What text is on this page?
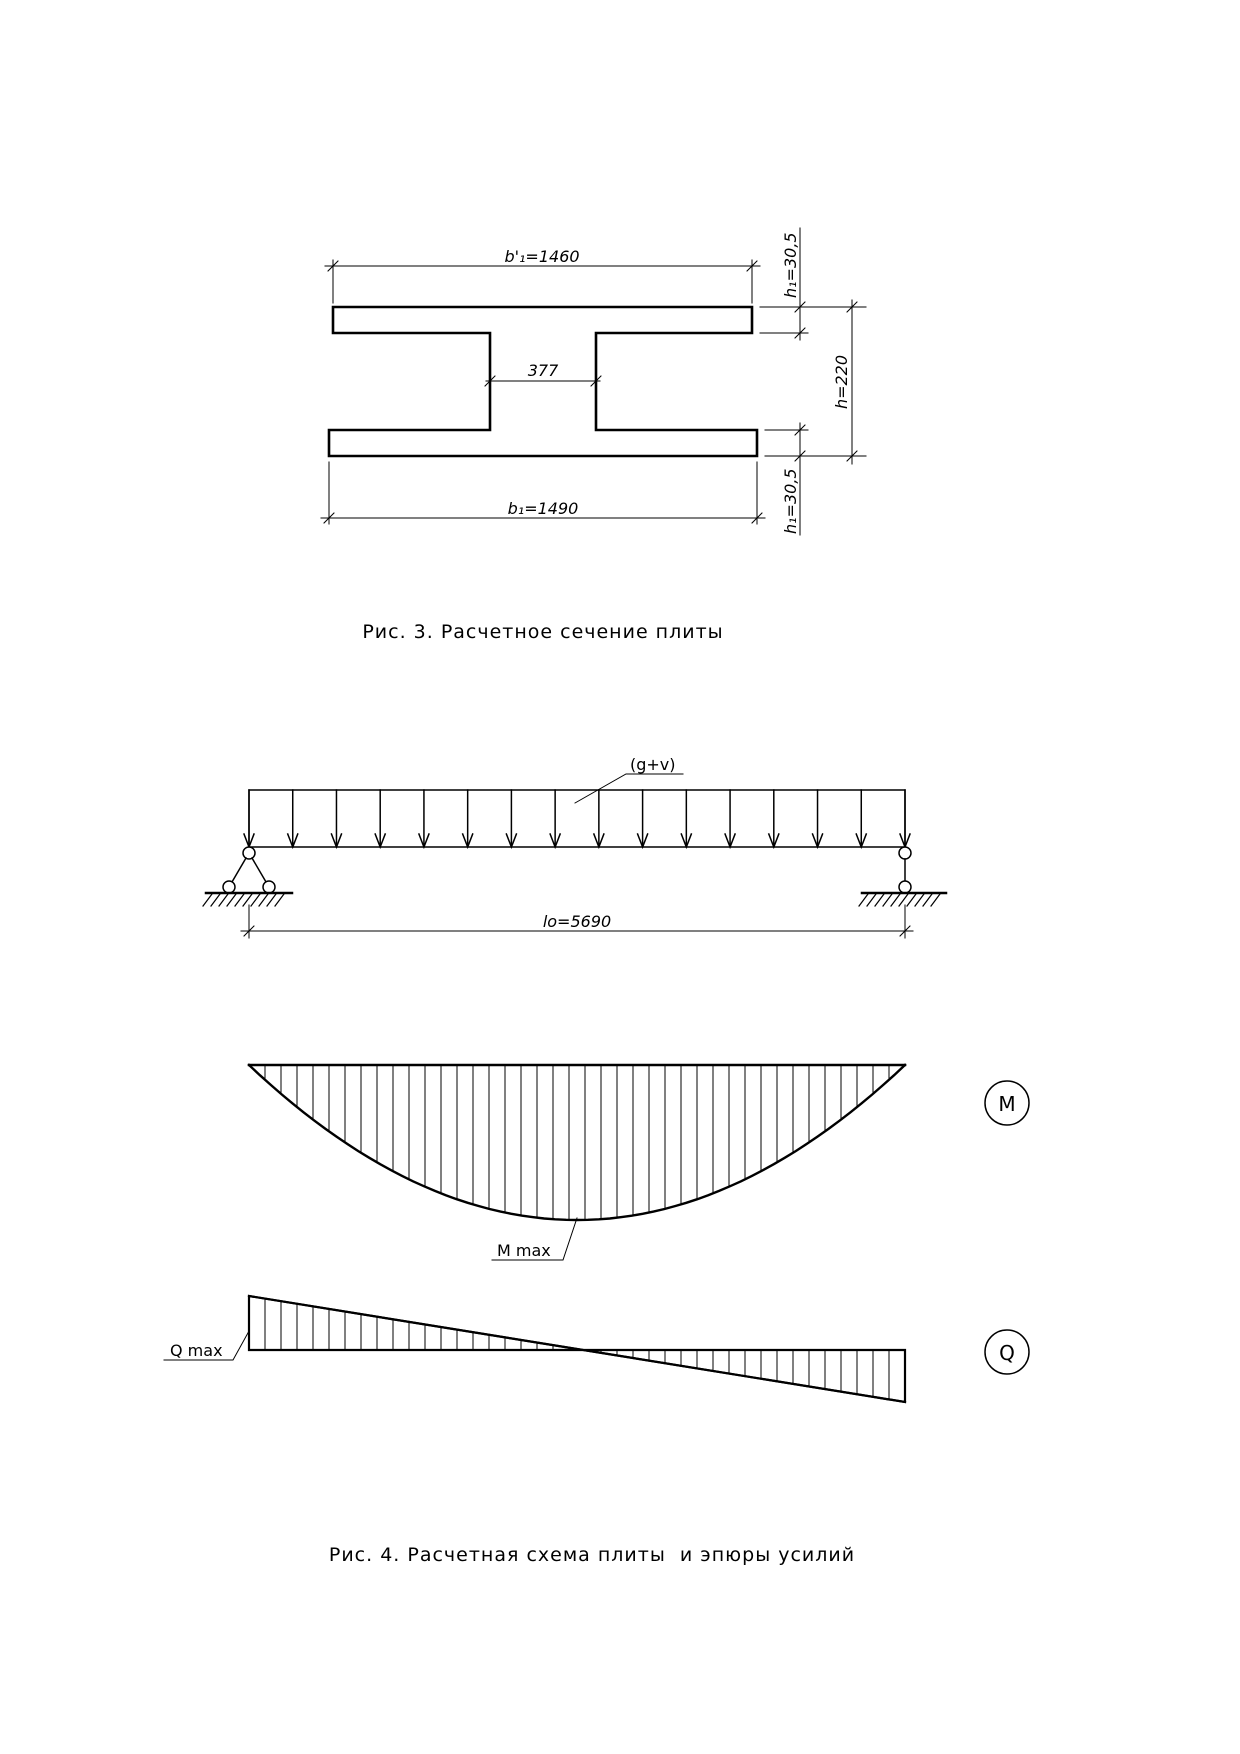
b'₁=1460
377
b₁=1490
h₁=30,5
h=220
h₁=30,5
Рис. 3. Расчетное сечение плиты
(g+v)
lo=5690
M max
M
Q max	Q
Рис. 4. Расчетная схема плиты  и эпюры усилий
